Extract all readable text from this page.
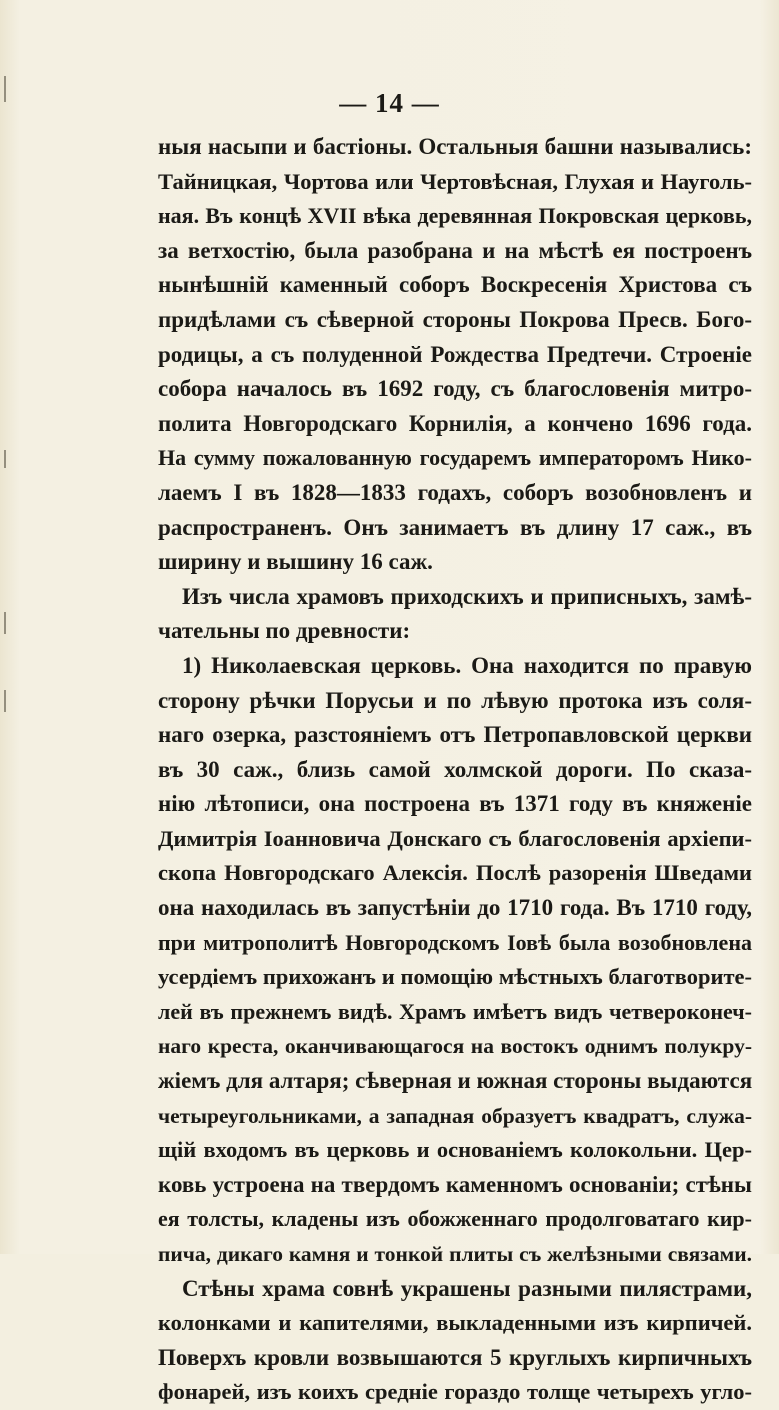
— 14 —
ныя насыпи и бастіоны. Остальныя башни назывались:
Тайницкая, Чортова или Чертовѣсная, Глухая и Науголь-
ная. Въ концѣ XVII вѣка деревянная Покровская церковь,
за ветхостію, была разобрана и на мѣстѣ ея построенъ
нынѣшній каменный соборъ Воскресенія Христова съ
придѣлами съ сѣверной стороны Покрова Пресв. Бого-
родицы, а съ полуденной Рождества Предтечи. Строеніе
собора началось въ 1692 году, съ благословенія митро-
полита Новгородскаго Корнилія, а кончено 1696 года.
На сумму пожалованную государемъ императоромъ Нико-
лаемъ I въ 1828—1833 годахъ, соборъ возобновленъ и
распространенъ. Онъ занимаетъ въ длину 17 саж., въ
ширину и вышину 16 саж.
Изъ числа храмовъ приходскихъ и приписныхъ, замѣ-
чательны по древности:
1) Николаевская церковь. Она находится по правую
сторону рѣчки Порусьи и по лѣвую протока изъ соля-
наго озерка, разстояніемъ отъ Петропавловской церкви
въ 30 саж., близь самой холмской дороги. По сказа-
нію лѣтописи, она построена въ 1371 году въ княженіе
Димитрія Іоанновича Донскаго съ благословенія архіепи-
скопа Новгородскаго Алексія. Послѣ разоренія Шведами
она находилась въ запустѣніи до 1710 года. Въ 1710 году,
при митрополитѣ Новгородскомъ Іовѣ была возобновлена
усердіемъ прихожанъ и помощію мѣстныхъ благотворите-
лей въ прежнемъ видѣ. Храмъ имѣетъ видъ четвероконеч-
наго креста, оканчивающагося на востокъ однимъ полукру-
жіемъ для алтаря; сѣверная и южная стороны выдаются
четыреугольниками, а западная образуетъ квадратъ, служа-
щій входомъ въ церковь и основаніемъ колокольни. Цер-
ковь устроена на твердомъ каменномъ основаніи; стѣны
ея толсты, кладены изъ обожженнаго продолговатаго кир-
пича, дикаго камня и тонкой плиты съ желѣзными связами.
Стѣны храма совнѣ украшены разными пилястрами,
колонками и капителями, выкладенными изъ кирпичей.
Поверхъ кровли возвышаются 5 круглыхъ кирпичныхъ
фонарей, изъ коихъ средніе гораздо толще четырехъ угло-
